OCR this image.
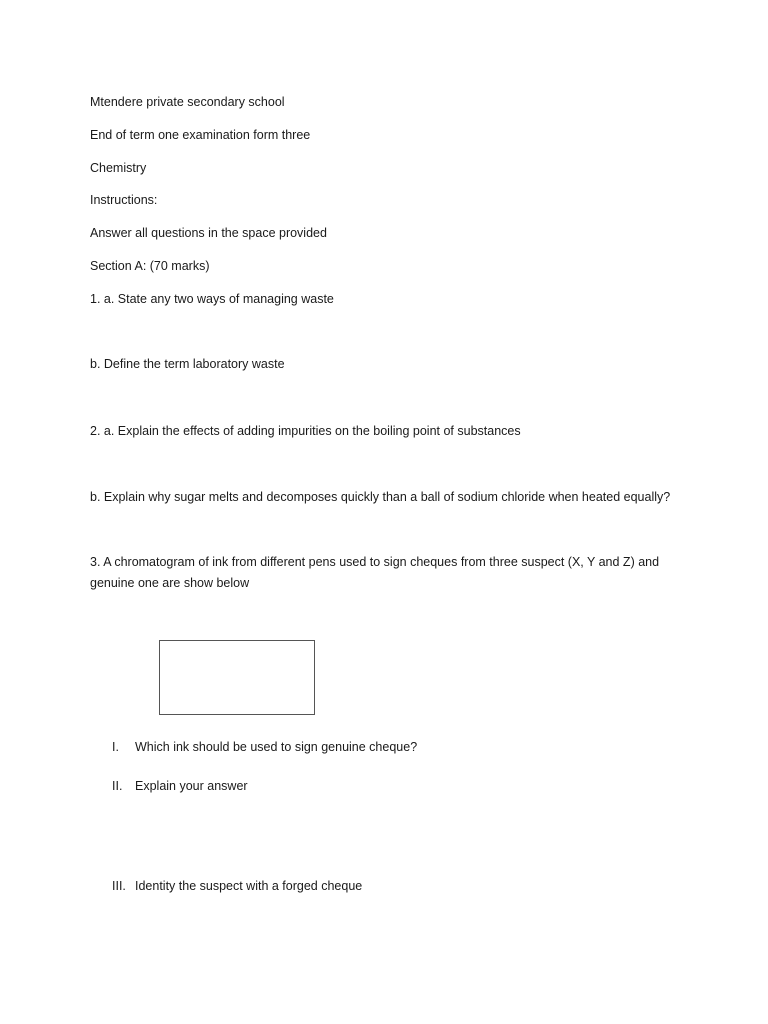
Mtendere private secondary school
End of term one examination form three
Chemistry
Instructions:
Answer all questions in the space provided
Section A: (70 marks)
1. a. State any two ways of managing waste
b. Define the term laboratory waste
2. a. Explain the effects of adding impurities on the boiling point of substances
b. Explain why sugar melts and decomposes quickly than a ball of sodium chloride when heated equally?
3. A chromatogram of ink from different pens used to sign cheques from three suspect (X, Y and Z) and genuine one are show below
I. Which ink should be used to sign genuine cheque?
II. Explain your answer
III. Identity the suspect with a forged cheque
